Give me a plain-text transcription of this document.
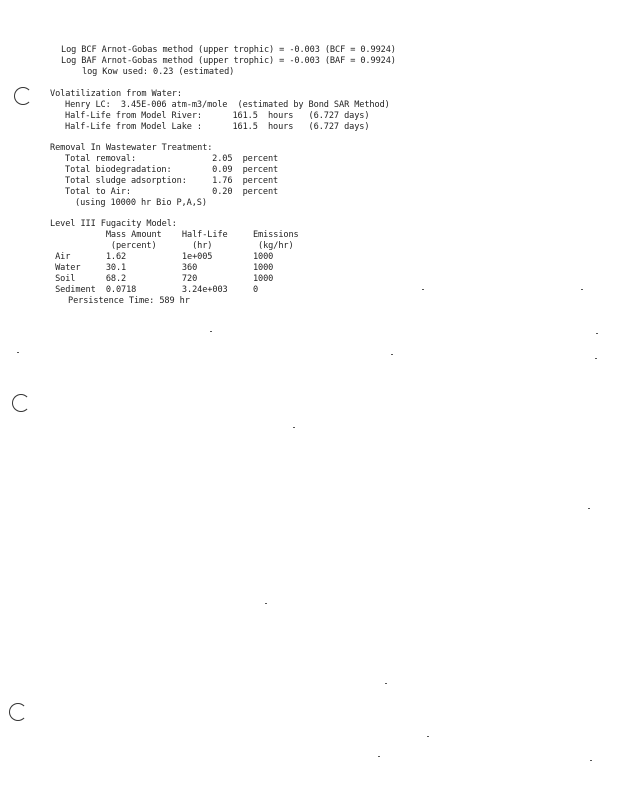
Log BCF Arnot-Gobas method (upper trophic) = -0.003 (BCF = 0.9924)
Log BAF Arnot-Gobas method (upper trophic) = -0.003 (BAF = 0.9924)
log Kow used: 0.23 (estimated)
Volatilization from Water:
Henry LC:  3.45E-006 atm-m3/mole  (estimated by Bond SAR Method)
Half-Life from Model River:      161.5  hours   (6.727 days)
Half-Life from Model Lake :      161.5  hours   (6.727 days)
Removal In Wastewater Treatment:
Total removal:               2.05  percent
Total biodegradation:        0.09  percent
Total sludge adsorption:     1.76  percent
Total to Air:                0.20  percent
(using 10000 hr Bio P,A,S)
Level III Fugacity Model:
Mass Amount    Half-Life     Emissions
(percent)       (hr)         (kg/hr)
Air       1.62           1e+005        1000
Water     30.1           360           1000
Soil      68.2           720           1000
Sediment  0.0718         3.24e+003     0
Persistence Time: 589 hr
